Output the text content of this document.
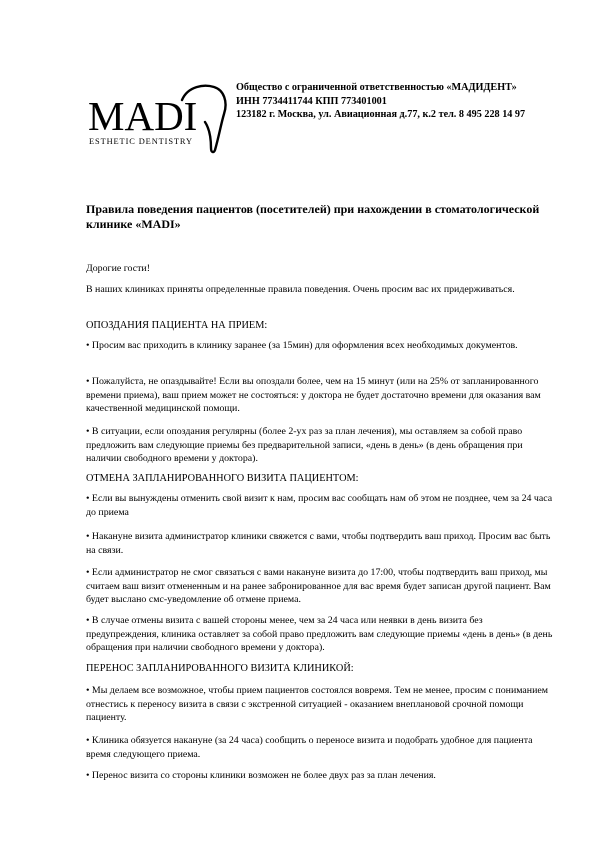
MADI
ESTHETIC DENTISTRY
Общество с ограниченной ответственностью «МАДИДЕНТ»
ИНН 7734411744 КПП 773401001
123182 г. Москва, ул. Авиационная д.77, к.2 тел. 8 495 228 14 97
Правила поведения пациентов (посетителей) при нахождении в стоматологической клинике «MADI»
Дорогие гости!
В наших клиниках приняты определенные правила поведения. Очень просим вас их придерживаться.
ОПОЗДАНИЯ ПАЦИЕНТА НА ПРИЕМ:
• Просим вас приходить в клинику заранее (за 15мин) для оформления всех необходимых документов.
• Пожалуйста, не опаздывайте! Если вы опоздали более, чем на 15 минут (или на 25% от запланированного времени приема), ваш прием может не состояться: у доктора не будет достаточно времени для оказания вам качественной медицинской помощи.
• В ситуации, если опоздания регулярны (более 2-ух раз за план лечения), мы оставляем за собой право предложить вам следующие приемы без предварительной записи, «день в день» (в день обращения при наличии свободного времени у доктора).
ОТМЕНА ЗАПЛАНИРОВАННОГО ВИЗИТА ПАЦИЕНТОМ:
• Если вы вынуждены отменить свой визит к нам, просим вас сообщать нам об этом не позднее, чем за 24 часа до приема
• Накануне визита администратор клиники свяжется с вами, чтобы подтвердить ваш приход. Просим вас быть на связи.
• Если администратор не смог связаться с вами накануне визита до 17:00, чтобы подтвердить ваш приход, мы считаем ваш визит отмененным и на ранее забронированное для вас время будет записан другой пациент. Вам будет выслано смс-уведомление об отмене приема.
• В случае отмены визита с вашей стороны менее, чем за 24 часа или неявки в день визита без предупреждения, клиника оставляет за собой право предложить вам следующие приемы «день в день» (в день обращения при наличии свободного времени у доктора).
ПЕРЕНОС ЗАПЛАНИРОВАННОГО ВИЗИТА КЛИНИКОЙ:
• Мы делаем все возможное, чтобы прием пациентов состоялся вовремя. Тем не менее, просим с пониманием отнестись к переносу визита в связи с экстренной ситуацией - оказанием внеплановой срочной помощи пациенту.
• Клиника обязуется накануне (за 24 часа) сообщить о переносе визита и подобрать удобное для пациента время следующего приема.
• Перенос визита со стороны клиники возможен не более двух раз за план лечения.
